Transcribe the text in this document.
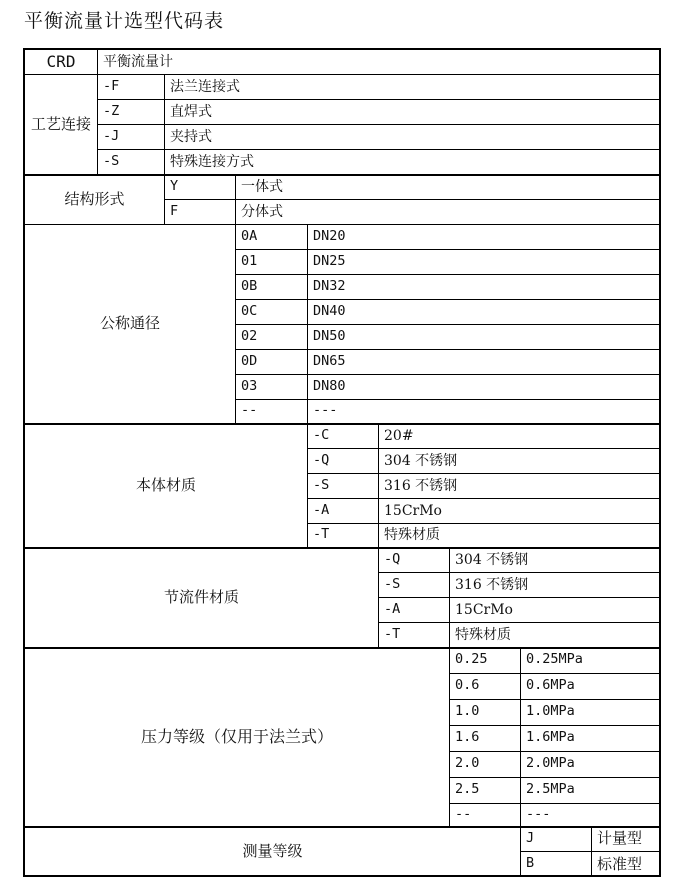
平衡流量计选型代码表
CRD	平衡流量计
工艺连接
-F	法兰连接式
-Z	直焊式
-J	夹持式
-S	特殊连接方式
结构形式
Y	一体式
F	分体式
公称通径
0A	DN20
01	DN25
0B	DN32
0C	DN40
02	DN50
0D	DN65
03	DN80
--	---
本体材质
-C	20#
-Q	304 不锈钢
-S	316 不锈钢
-A	15CrMo
-T	特殊材质
节流件材质
-Q	304 不锈钢
-S	316 不锈钢
-A	15CrMo
-T	特殊材质
压力等级（仅用于法兰式）
0.25	0.25MPa
0.6	0.6MPa
1.0	1.0MPa
1.6	1.6MPa
2.0	2.0MPa
2.5	2.5MPa
--	---
测量等级
J	计量型
B	标准型
